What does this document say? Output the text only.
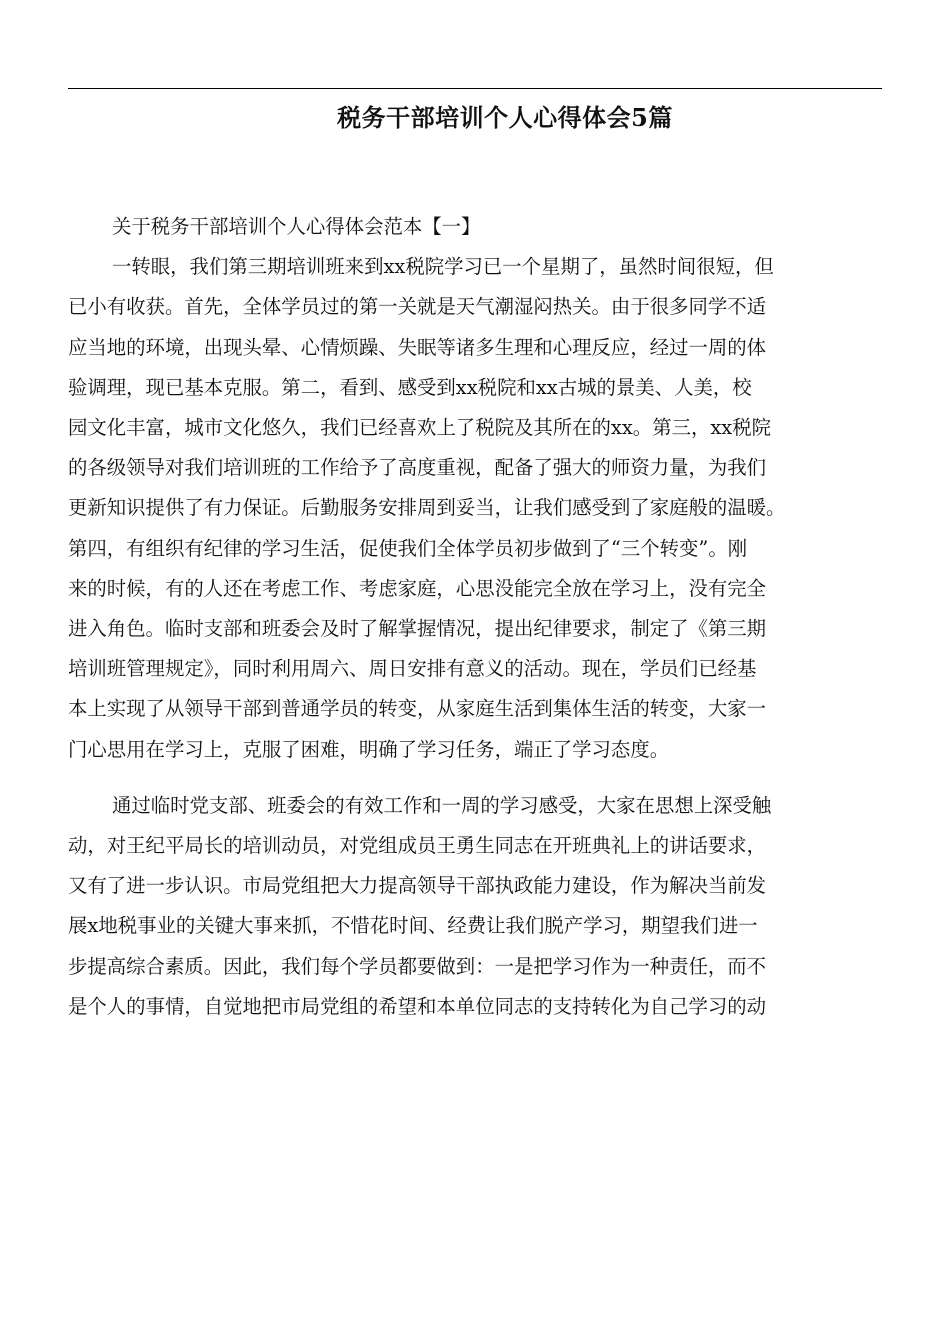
税务干部培训个人心得体会5篇

关于税务干部培训个人心得体会范本【一】

一转眼，我们第三期培训班来到xx税院学习已一个星期了，虽然时间很短，但

已小有收获。首先，全体学员过的第一关就是天气潮湿闷热关。由于很多同学不适

应当地的环境，出现头晕、心情烦躁、失眠等诸多生理和心理反应，经过一周的体

验调理，现已基本克服。第二，看到、感受到xx税院和xx古城的景美、人美，校

园文化丰富，城市文化悠久，我们已经喜欢上了税院及其所在的xx。第三，xx税院

的各级领导对我们培训班的工作给予了高度重视，配备了强大的师资力量，为我们

更新知识提供了有力保证。后勤服务安排周到妥当，让我们感受到了家庭般的温暖。

第四，有组织有纪律的学习生活，促使我们全体学员初步做到了“三个转变”。刚

来的时候，有的人还在考虑工作、考虑家庭，心思没能完全放在学习上，没有完全

进入角色。临时支部和班委会及时了解掌握情况，提出纪律要求，制定了《第三期

培训班管理规定》，同时利用周六、周日安排有意义的活动。现在，学员们已经基

本上实现了从领导干部到普通学员的转变，从家庭生活到集体生活的转变，大家一

门心思用在学习上，克服了困难，明确了学习任务，端正了学习态度。

通过临时党支部、班委会的有效工作和一周的学习感受，大家在思想上深受触

动，对王纪平局长的培训动员，对党组成员王勇生同志在开班典礼上的讲话要求，

又有了进一步认识。市局党组把大力提高领导干部执政能力建设，作为解决当前发

展x地税事业的关键大事来抓，不惜花时间、经费让我们脱产学习，期望我们进一

步提高综合素质。因此，我们每个学员都要做到：一是把学习作为一种责任，而不

是个人的事情，自觉地把市局党组的希望和本单位同志的支持转化为自己学习的动
